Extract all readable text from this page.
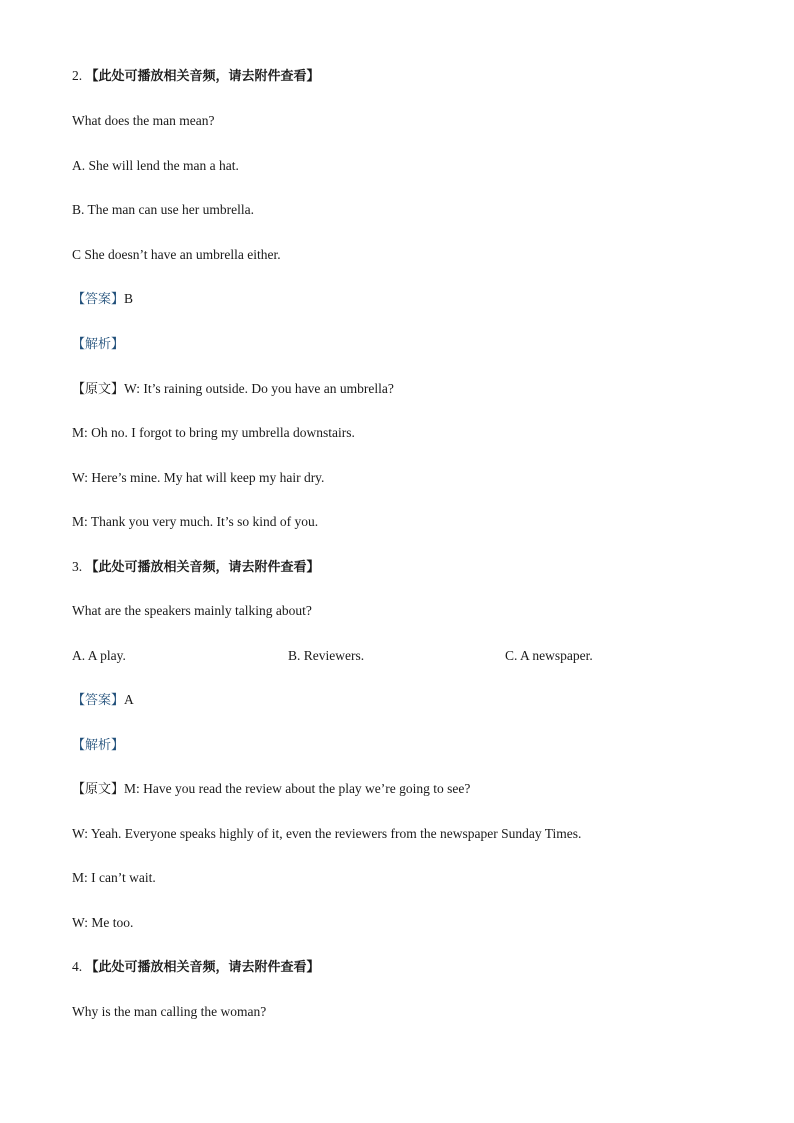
2. 【此处可播放相关音频，请去附件查看】
What does the man mean?
A. She will lend the man a hat.
B. The man can use her umbrella.
C She doesn’t have an umbrella either.
【答案】B
【解析】
【原文】W: It’s raining outside. Do you have an umbrella?
M: Oh no. I forgot to bring my umbrella downstairs.
W: Here’s mine. My hat will keep my hair dry.
M: Thank you very much. It’s so kind of you.
3. 【此处可播放相关音频，请去附件查看】
What are the speakers mainly talking about?
A. A play.	B. Reviewers.	C. A newspaper.
【答案】A
【解析】
【原文】M: Have you read the review about the play we’re going to see?
W: Yeah. Everyone speaks highly of it, even the reviewers from the newspaper Sunday Times.
M: I can’t wait.
W: Me too.
4. 【此处可播放相关音频，请去附件查看】
Why is the man calling the woman?
